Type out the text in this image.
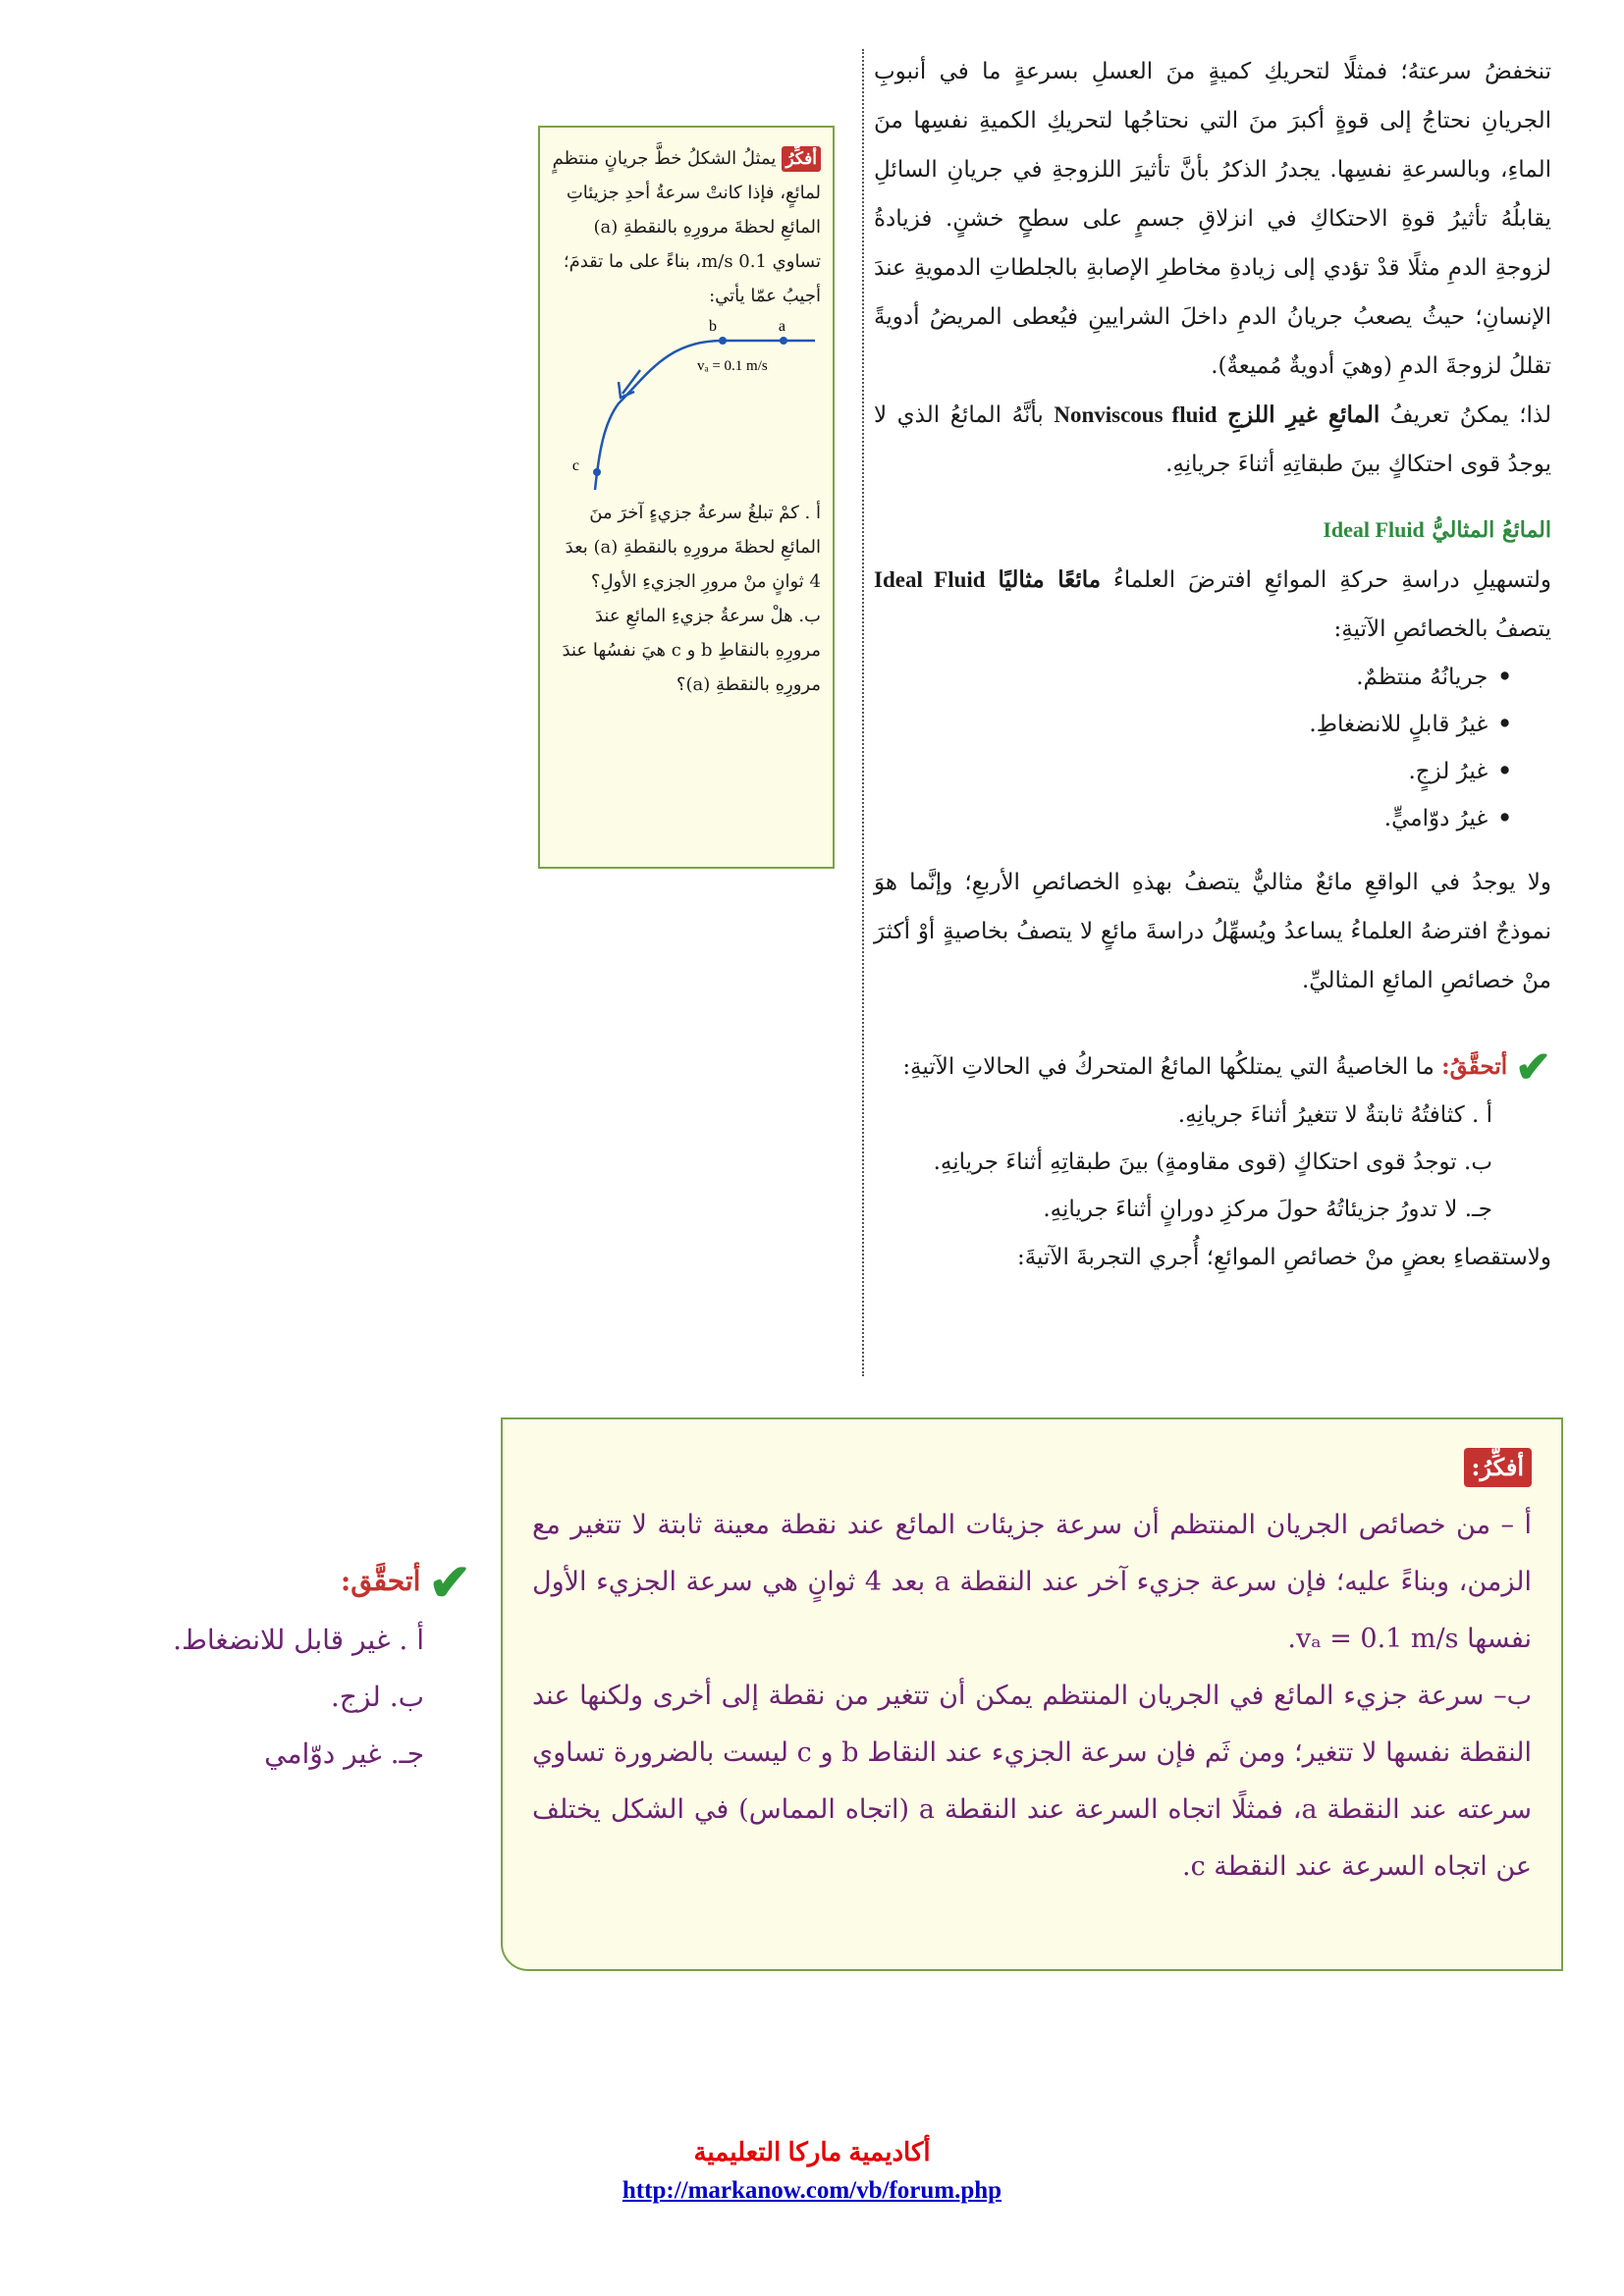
تنخفضُ سرعتهُ؛ فمثلًا لتحريكِ كميةٍ منَ العسلِ بسرعةٍ ما في أنبوبِ الجريانِ نحتاجُ إلى قوةٍ أكبرَ منَ التي نحتاجُها لتحريكِ الكميةِ نفسِها منَ الماءِ، وبالسرعةِ نفسِها. يجدرُ الذكرُ بأنَّ تأثيرَ اللزوجةِ في جريانِ السائلِ يقابلُهُ تأثيرُ قوةِ الاحتكاكِ في انزلاقِ جسمٍ على سطحٍ خشنٍ. فزيادةُ لزوجةِ الدمِ مثلًا قدْ تؤدي إلى زيادةِ مخاطرِ الإصابةِ بالجلطاتِ الدمويةِ عندَ الإنسانِ؛ حيثُ يصعبُ جريانُ الدمِ داخلَ الشرايينِ فيُعطى المريضُ أدويةً تقللُ لزوجةَ الدمِ (وهيَ أدويةٌ مُميعةٌ).

لذا؛ يمكنُ تعريفُ المائعِ غيرِ اللزجِ Nonviscous fluid بأنَّهُ المائعُ الذي لا يوجدُ قوى احتكاكٍ بينَ طبقاتِهِ أثناءَ جريانِهِ.

المائعُ المثاليُّ Ideal Fluid

ولتسهيلِ دراسةِ حركةِ الموائعِ افترضَ العلماءُ مائعًا مثاليًا Ideal Fluid يتصفُ بالخصائصِ الآتيةِ:

• جريانُهُ منتظمٌ.
• غيرُ قابلٍ للانضغاطِ.
• غيرُ لزجٍ.
• غيرُ دوّاميٍّ.

ولا يوجدُ في الواقعِ مائعٌ مثاليٌّ يتصفُ بهذهِ الخصائصِ الأربعِ؛ وإنَّما هوَ نموذجٌ افترضهُ العلماءُ يساعدُ ويُسهِّلُ دراسةَ مائعٍ لا يتصفُ بخاصيةٍ أوْ أكثرَ منْ خصائصِ المائعِ المثاليِّ.

✔أتحقَّقُ: ما الخاصيةُ التي يمتلكُها المائعُ المتحركُ في الحالاتِ الآتيةِ:
أ . كثافتُهُ ثابتةٌ لا تتغيرُ أثناءَ جريانِهِ.
ب. توجدُ قوى احتكاكٍ (قوى مقاومةٍ) بينَ طبقاتِهِ أثناءَ جريانِهِ.
جـ. لا تدورُ جزيئاتُهُ حولَ مركزِ دورانٍ أثناءَ جريانِهِ.

ولاستقصاءِ بعضٍ منْ خصائصِ الموائعِ؛ أُجري التجربةَ الآتيةَ:

أفكِّرُيمثلُ الشكلُ خطَّ جريانٍ منتظمٍ لمائعٍ، فإذا كانتْ سرعةُ أحدِ جزيئاتِ المائعِ لحظةَ مرورِهِ بالنقطةِ (a) تساوي 0.1 m/s، بناءً على ما تقدمَ؛ أجيبُ عمّا يأتي:
a
b
c
vₐ = 0.1 m/s

أ . كمْ تبلغُ سرعةُ جزيءٍ آخرَ منَ المائعِ لحظةَ مرورِهِ بالنقطةِ (a) بعدَ 4 ثوانٍ منْ مرورِ الجزيءِ الأولِ؟

ب. هلْ سرعةُ جزيءِ المائعِ عندَ مرورِهِ بالنقاطِ b و c هيَ نفسُها عندَ مرورِهِ بالنقطةِ (a)؟

أفكِّرُ:

أ – من خصائص الجريان المنتظم أن سرعة جزيئات المائع عند نقطة معينة ثابتة لا تتغير مع الزمن، وبناءً عليه؛ فإن سرعة جزيء آخر عند النقطة a بعد 4 ثوانٍ هي سرعة الجزيء الأول نفسها vₐ = 0.1 m/s.

ب– سرعة جزيء المائع في الجريان المنتظم يمكن أن تتغير من نقطة إلى أخرى ولكنها عند النقطة نفسها لا تتغير؛ ومن ثَم فإن سرعة الجزيء عند النقاط b و c ليست بالضرورة تساوي سرعته عند النقطة a، فمثلًا اتجاه السرعة عند النقطة a (اتجاه المماس) في الشكل يختلف عن اتجاه السرعة عند النقطة c.

✔أتحقَّق:
أ . غير قابل للانضغاط.
ب. لزج.
جـ. غير دوّامي
أكاديمية ماركا التعليمية
http://markanow.com/vb/forum.php
